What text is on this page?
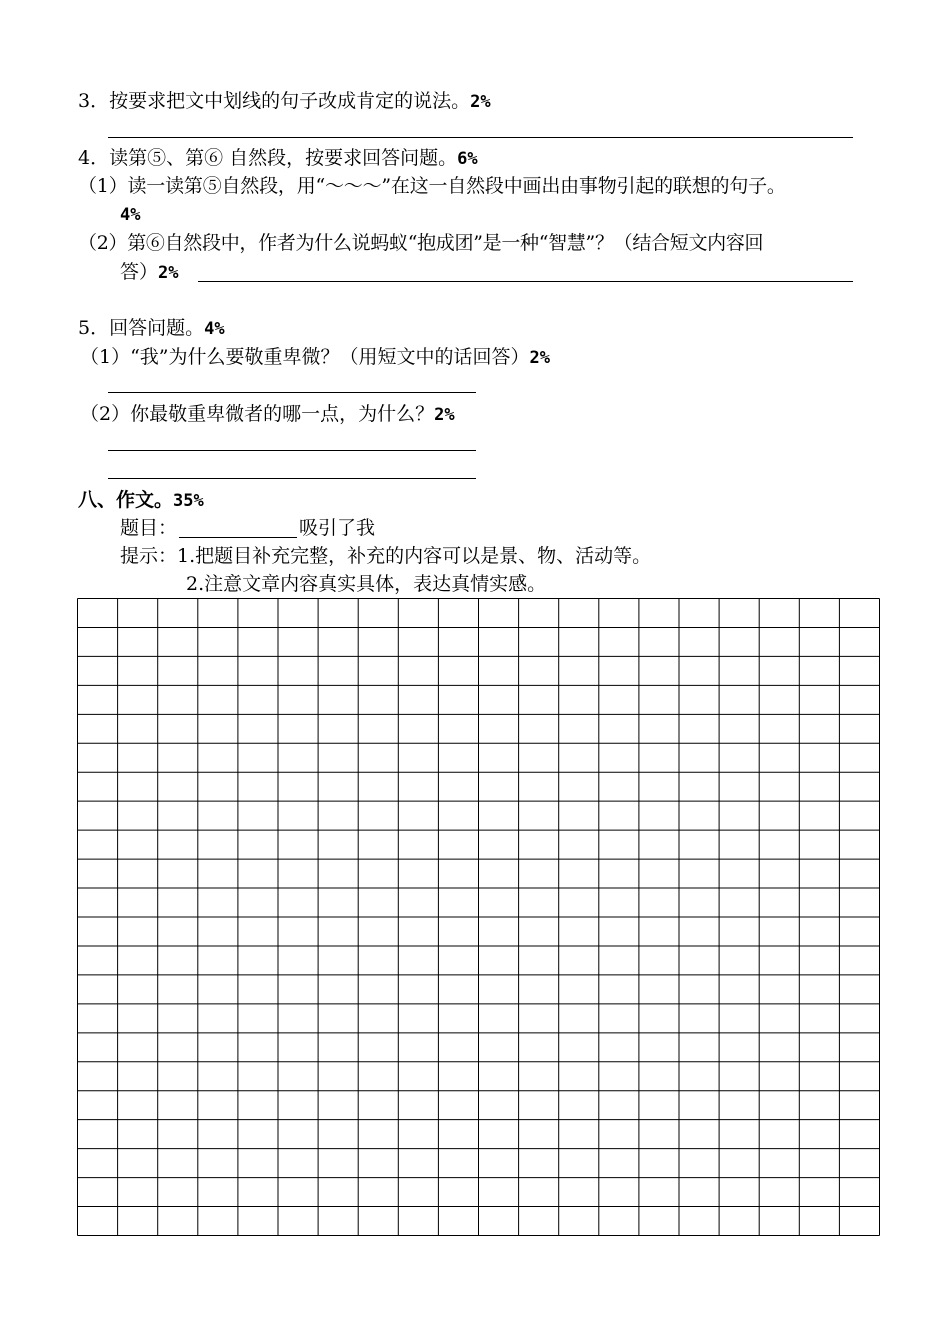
3．按要求把文中划线的句子改成肯定的说法。2%
4．读第⑤、第⑥ 自然段，按要求回答问题。6%
（1）读一读第⑤自然段，用“～～～”在这一自然段中画出由事物引起的联想的句子。
4%
（2）第⑥自然段中，作者为什么说蚂蚁“抱成团”是一种“智慧”？（结合短文内容回
答）2%
5．回答问题。4%
（1）“我”为什么要敬重卑微？（用短文中的话回答）2%
（2）你最敬重卑微者的哪一点，为什么？2%
八、作文。35%
题目：	吸引了我
提示：1.把题目补充完整，补充的内容可以是景、物、活动等。
2.注意文章内容真实具体，表达真情实感。
